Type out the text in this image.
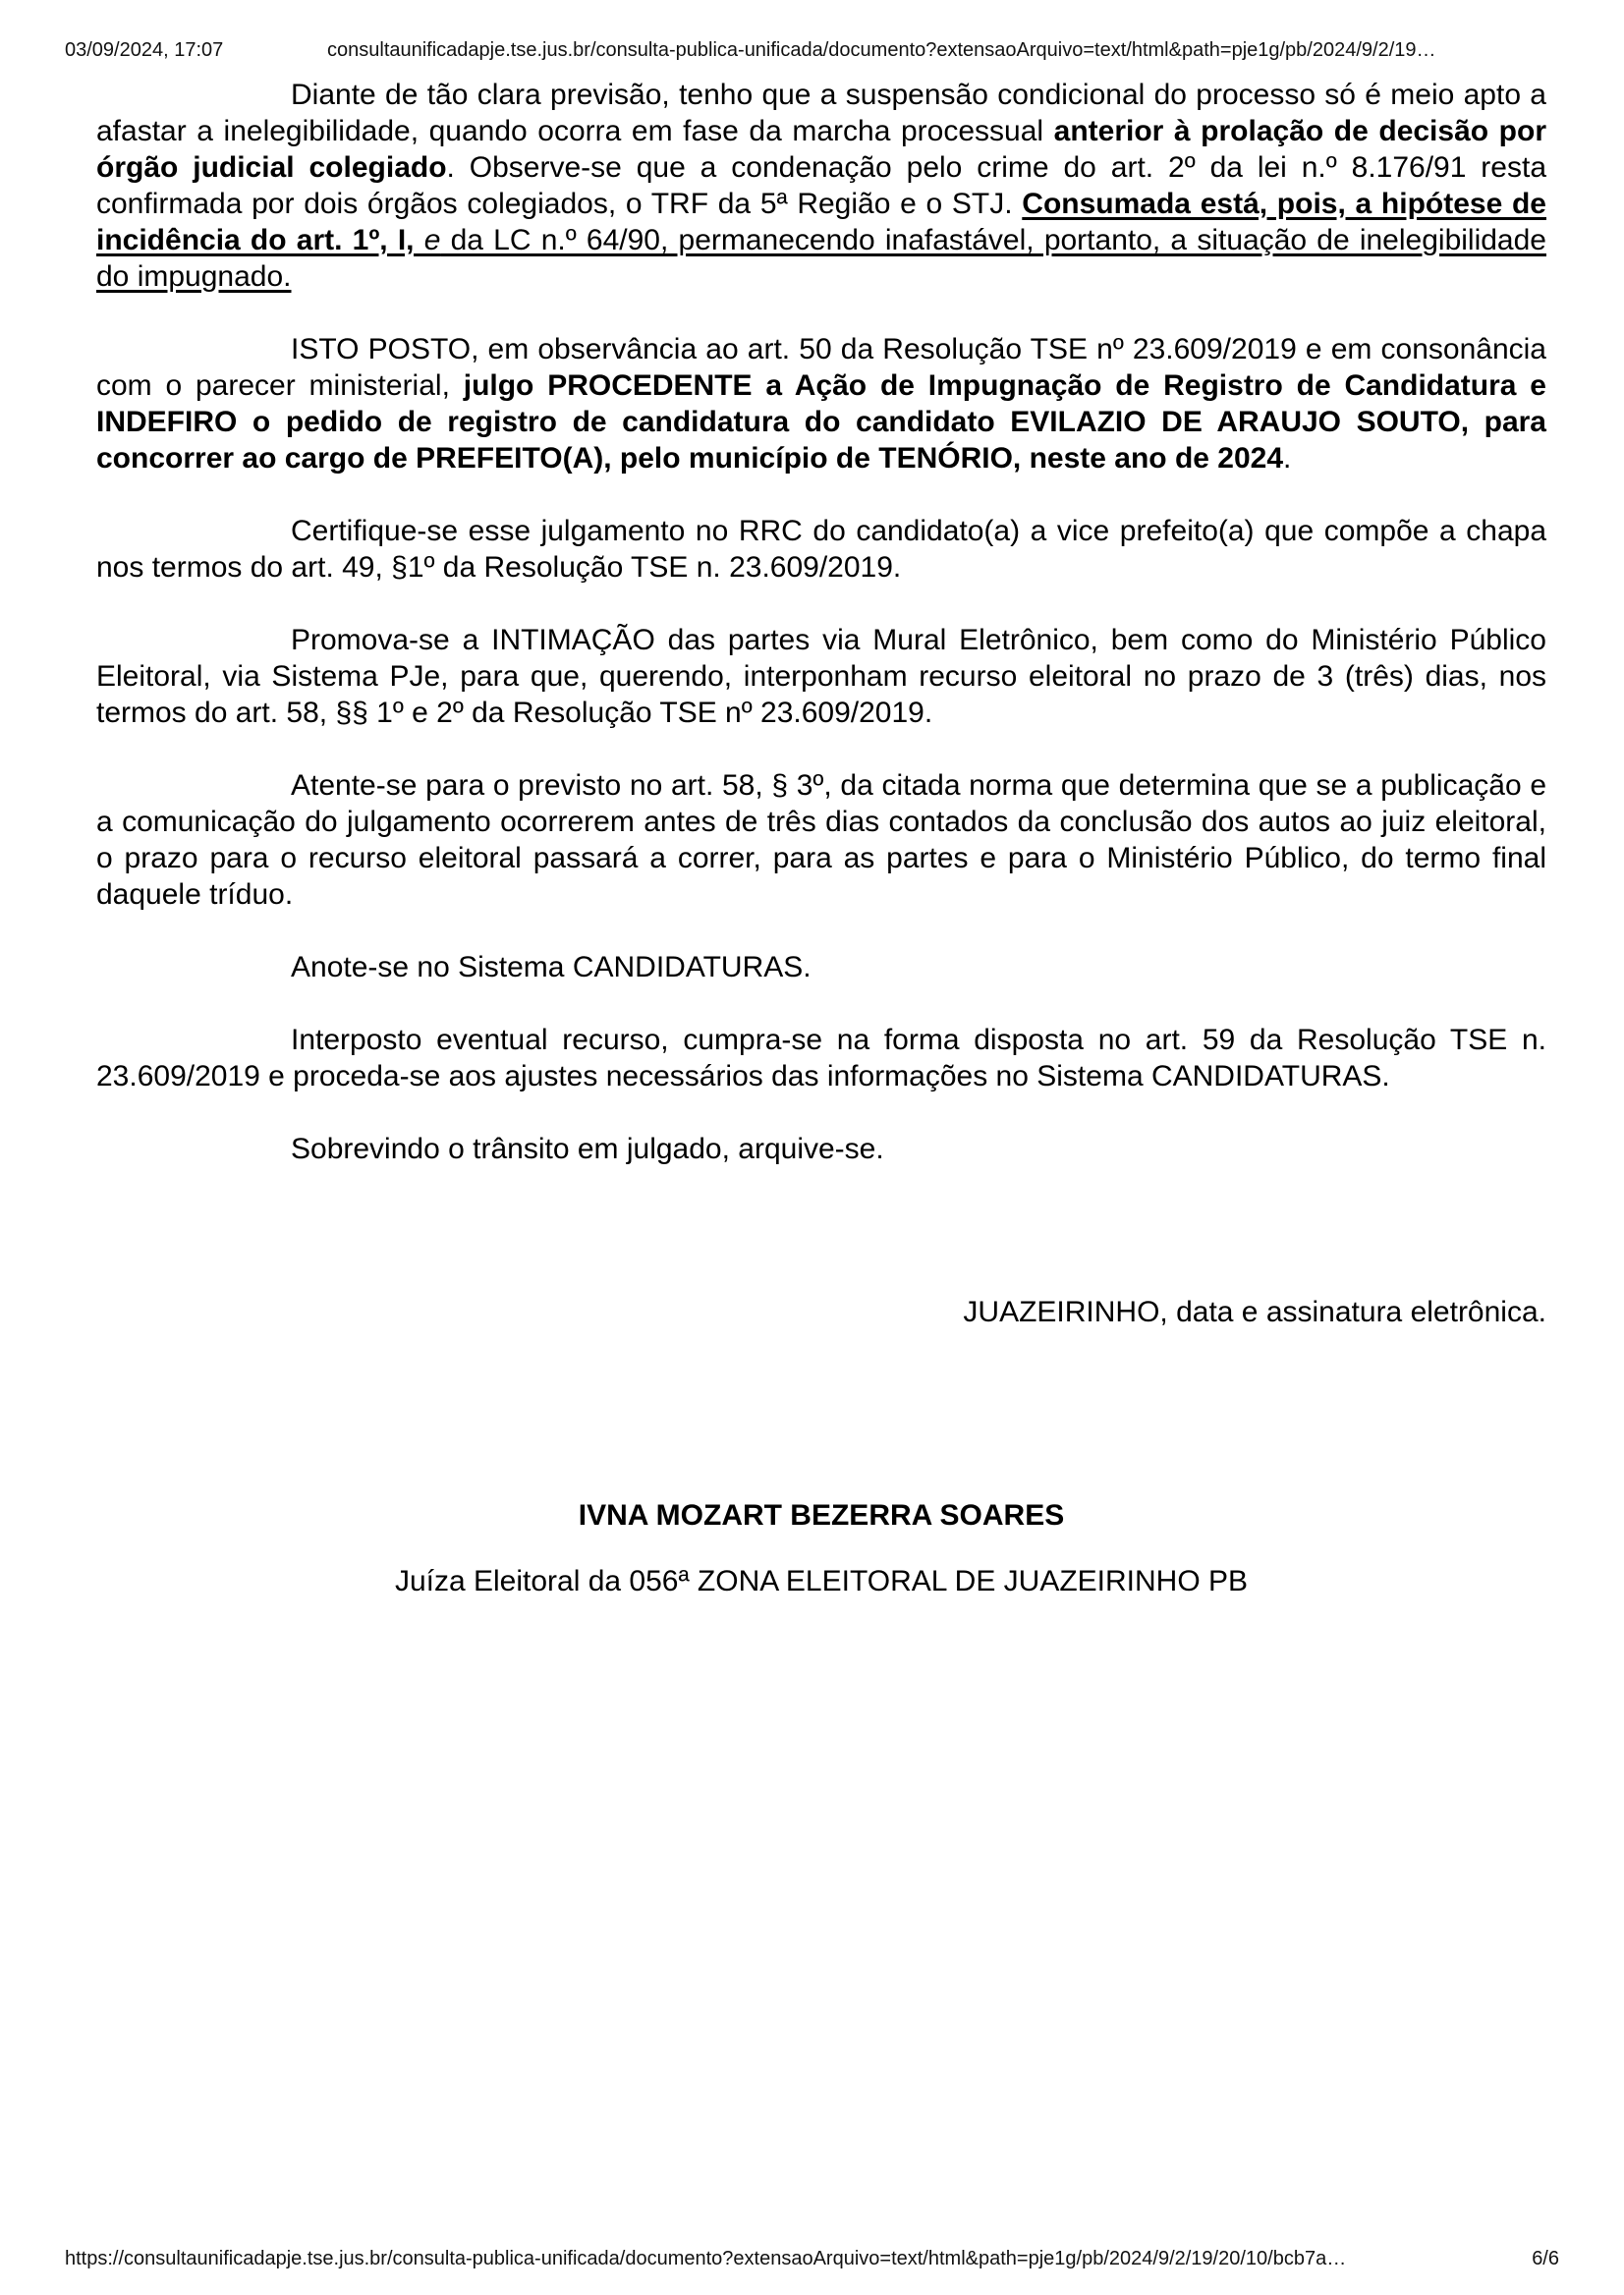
03/09/2024, 17:07	consultaunificadapje.tse.jus.br/consulta-publica-unificada/documento?extensaoArquivo=text/html&path=pje1g/pb/2024/9/2/19…

Diante de tão clara previsão, tenho que a suspensão condicional do processo só é meio apto a afastar a inelegibilidade, quando ocorra em fase da marcha processual anterior à prolação de decisão por órgão judicial colegiado. Observe-se que a condenação pelo crime do art. 2º da lei n.º 8.176/91 resta confirmada por dois órgãos colegiados, o TRF da 5ª Região e o STJ. Consumada está, pois, a hipótese de incidência do art. 1º, I, e da LC n.º 64/90, permanecendo inafastável, portanto, a situação de inelegibilidade do impugnado.

ISTO POSTO, em observância ao art. 50 da Resolução TSE nº 23.609/2019 e em consonância com o parecer ministerial, julgo PROCEDENTE a Ação de Impugnação de Registro de Candidatura e INDEFIRO o pedido de registro de candidatura do candidato EVILAZIO DE ARAUJO SOUTO, para concorrer ao cargo de PREFEITO(A), pelo município de TENÓRIO, neste ano de 2024.

Certifique-se esse julgamento no RRC do candidato(a) a vice prefeito(a) que compõe a chapa nos termos do art. 49, §1º da Resolução TSE n. 23.609/2019.

Promova-se a INTIMAÇÃO das partes via Mural Eletrônico, bem como do Ministério Público Eleitoral, via Sistema PJe, para que, querendo, interponham recurso eleitoral no prazo de 3 (três) dias, nos termos do art. 58, §§ 1º e 2º da Resolução TSE nº 23.609/2019.

Atente-se para o previsto no art. 58, § 3º, da citada norma que determina que se a publicação e a comunicação do julgamento ocorrerem antes de três dias contados da conclusão dos autos ao juiz eleitoral, o prazo para o recurso eleitoral passará a correr, para as partes e para o Ministério Público, do termo final daquele tríduo.

Anote-se no Sistema CANDIDATURAS.

Interposto eventual recurso, cumpra-se na forma disposta no art. 59 da Resolução TSE n. 23.609/2019 e proceda-se aos ajustes necessários das informações no Sistema CANDIDATURAS.

Sobrevindo o trânsito em julgado, arquive-se.

JUAZEIRINHO, data e assinatura eletrônica.

IVNA MOZART BEZERRA SOARES

Juíza Eleitoral da 056ª ZONA ELEITORAL DE JUAZEIRINHO PB

https://consultaunificadapje.tse.jus.br/consulta-publica-unificada/documento?extensaoArquivo=text/html&path=pje1g/pb/2024/9/2/19/20/10/bcb7a…	6/6
